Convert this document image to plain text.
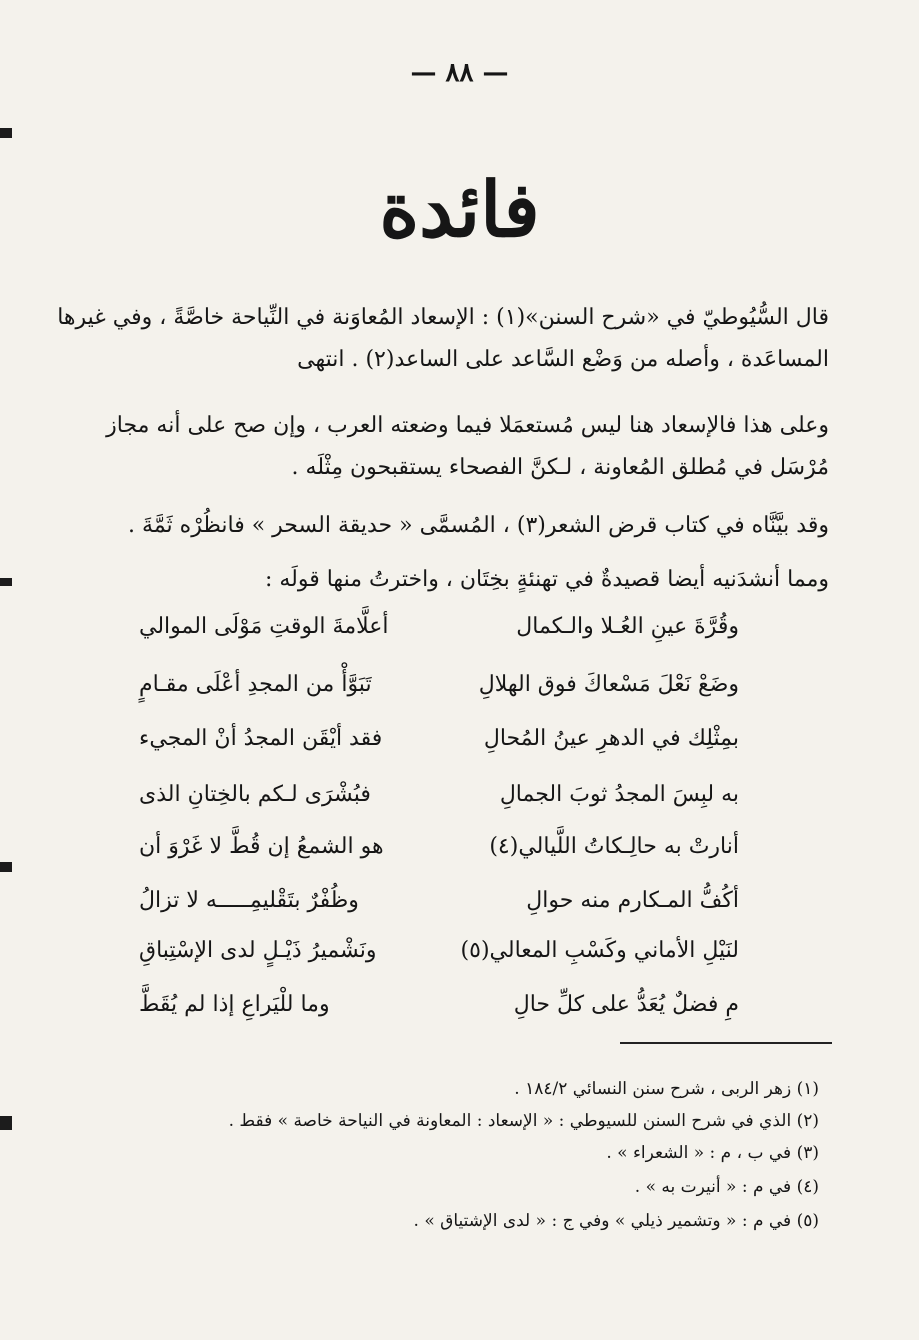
— ٨٨ —
فائدة
قال السُّيُوطيّ في «شرح السنن»(١) : الإسعاد المُعاوَنة في النِّياحة خاصَّةً ، وفي غيرها
المساعَدة ، وأصله من وَضْع السَّاعد على الساعد(٢) . انتهى
وعلى هذا فالإسعاد هنا ليس مُستعمَلا فيما وضعته العرب ، وإن صح على أنه مجاز
مُرْسَل في مُطلق المُعاونة ، لـكنَّ الفصحاء يستقبحون مِثْلَه .
وقد بيَّنَّاه في كتاب قرض الشعر(٣) ، المُسمَّى « حديقة السحر » فانظُرْه ثَمَّةَ .
ومما أنشدَنيه أيضا قصيدةٌ في تهنئةٍ بخِتَان ، واخترتُ منها قولَه :
أعلَّامةَ الوقتِ مَوْلَى الموالي	وقُرَّةَ عينِ العُـلا والـكمال
تَبَوَّأْ من المجدِ أعْلَى مقـامٍ	وضَعْ نَعْلَ مَسْعاكَ فوق الهلالِ
فقد أيْقَن المجدُ أنْ المجيء	بمِثْلِك في الدهرِ عينُ المُحالِ
فبُشْرَى لـكم بالخِتانِ الذى	به لبِسَ المجدُ ثوبَ الجمالِ
هو الشمعُ إن قُطَّ لا غَرْوَ أن	أنارتْ به حالِـكاتُ اللَّيالي(٤)
وظُفْرٌ بتَقْليمِـــــه لا تزالُ	أكُفُّ المـكارم منه حوالِ
ونَشْميرُ ذَيْـلٍ لدى الإسْتِباقِ	لنَيْلِ الأماني وكَسْبِ المعالي(٥)
وما للْيَراعِ إذا لم يُقَطَّ	مِ فضلٌ يُعَدُّ على كلِّ حالِ
(١) زهر الربى ، شرح سنن النسائي ١٨٤/٢ .
(٢) الذي في شرح السنن للسيوطي : « الإسعاد : المعاونة في النياحة خاصة » فقط .
(٣) في ب ، م : « الشعراء » .
(٤) في م : « أنيرت به » .
(٥) في م : « وتشمير ذيلي » وفي ج : « لدى الإشتياق » .
